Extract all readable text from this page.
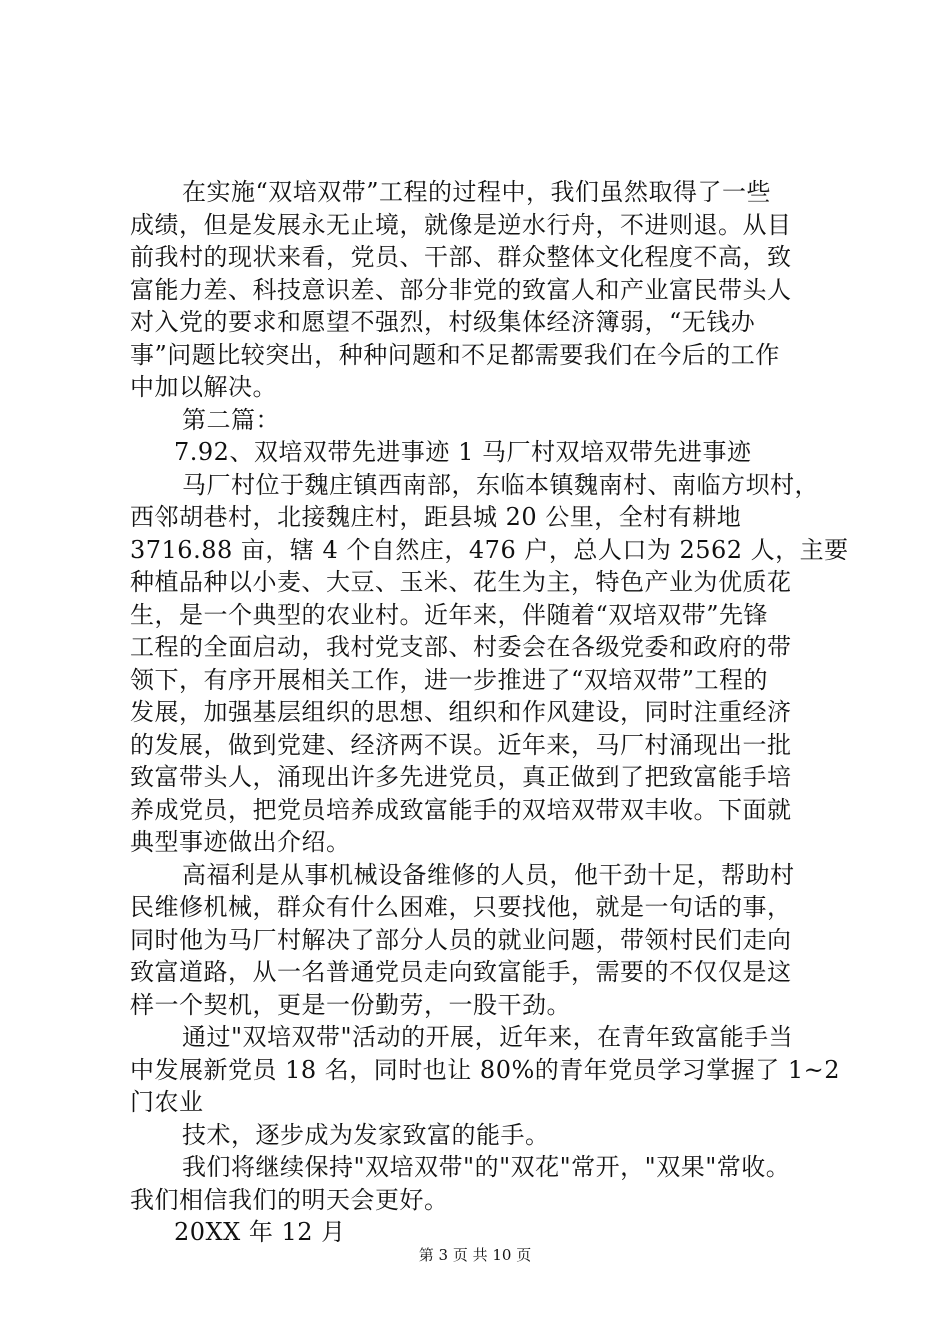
在实施“双培双带”工程的过程中，我们虽然取得了一些
成绩，但是发展永无止境，就像是逆水行舟，不进则退。从目
前我村的现状来看，党员、干部、群众整体文化程度不高，致
富能力差、科技意识差、部分非党的致富人和产业富民带头人
对入党的要求和愿望不强烈，村级集体经济簿弱，“无钱办
事”问题比较突出，种种问题和不足都需要我们在今后的工作
中加以解决。
第二篇：
7.92、双培双带先进事迹 1 马厂村双培双带先进事迹
马厂村位于魏庄镇西南部，东临本镇魏南村、南临方坝村，
西邻胡巷村，北接魏庄村，距县城 20 公里，全村有耕地
3716.88 亩，辖 4 个自然庄，476 户，总人口为 2562 人，主要
种植品种以小麦、大豆、玉米、花生为主，特色产业为优质花
生，是一个典型的农业村。近年来，伴随着“双培双带”先锋
工程的全面启动，我村党支部、村委会在各级党委和政府的带
领下，有序开展相关工作，进一步推进了“双培双带”工程的
发展，加强基层组织的思想、组织和作风建设，同时注重经济
的发展，做到党建、经济两不误。近年来，马厂村涌现出一批
致富带头人，涌现出许多先进党员，真正做到了把致富能手培
养成党员，把党员培养成致富能手的双培双带双丰收。下面就
典型事迹做出介绍。
高福利是从事机械设备维修的人员，他干劲十足，帮助村
民维修机械，群众有什么困难，只要找他，就是一句话的事，
同时他为马厂村解决了部分人员的就业问题，带领村民们走向
致富道路，从一名普通党员走向致富能手，需要的不仅仅是这
样一个契机，更是一份勤劳，一股干劲。
通过"双培双带"活动的开展，近年来，在青年致富能手当
中发展新党员 18 名，同时也让 80%的青年党员学习掌握了 1~2
门农业
技术，逐步成为发家致富的能手。
我们将继续保持"双培双带"的"双花"常开，"双果"常收。
我们相信我们的明天会更好。
20XX 年 12 月
第 3 页 共 10 页
